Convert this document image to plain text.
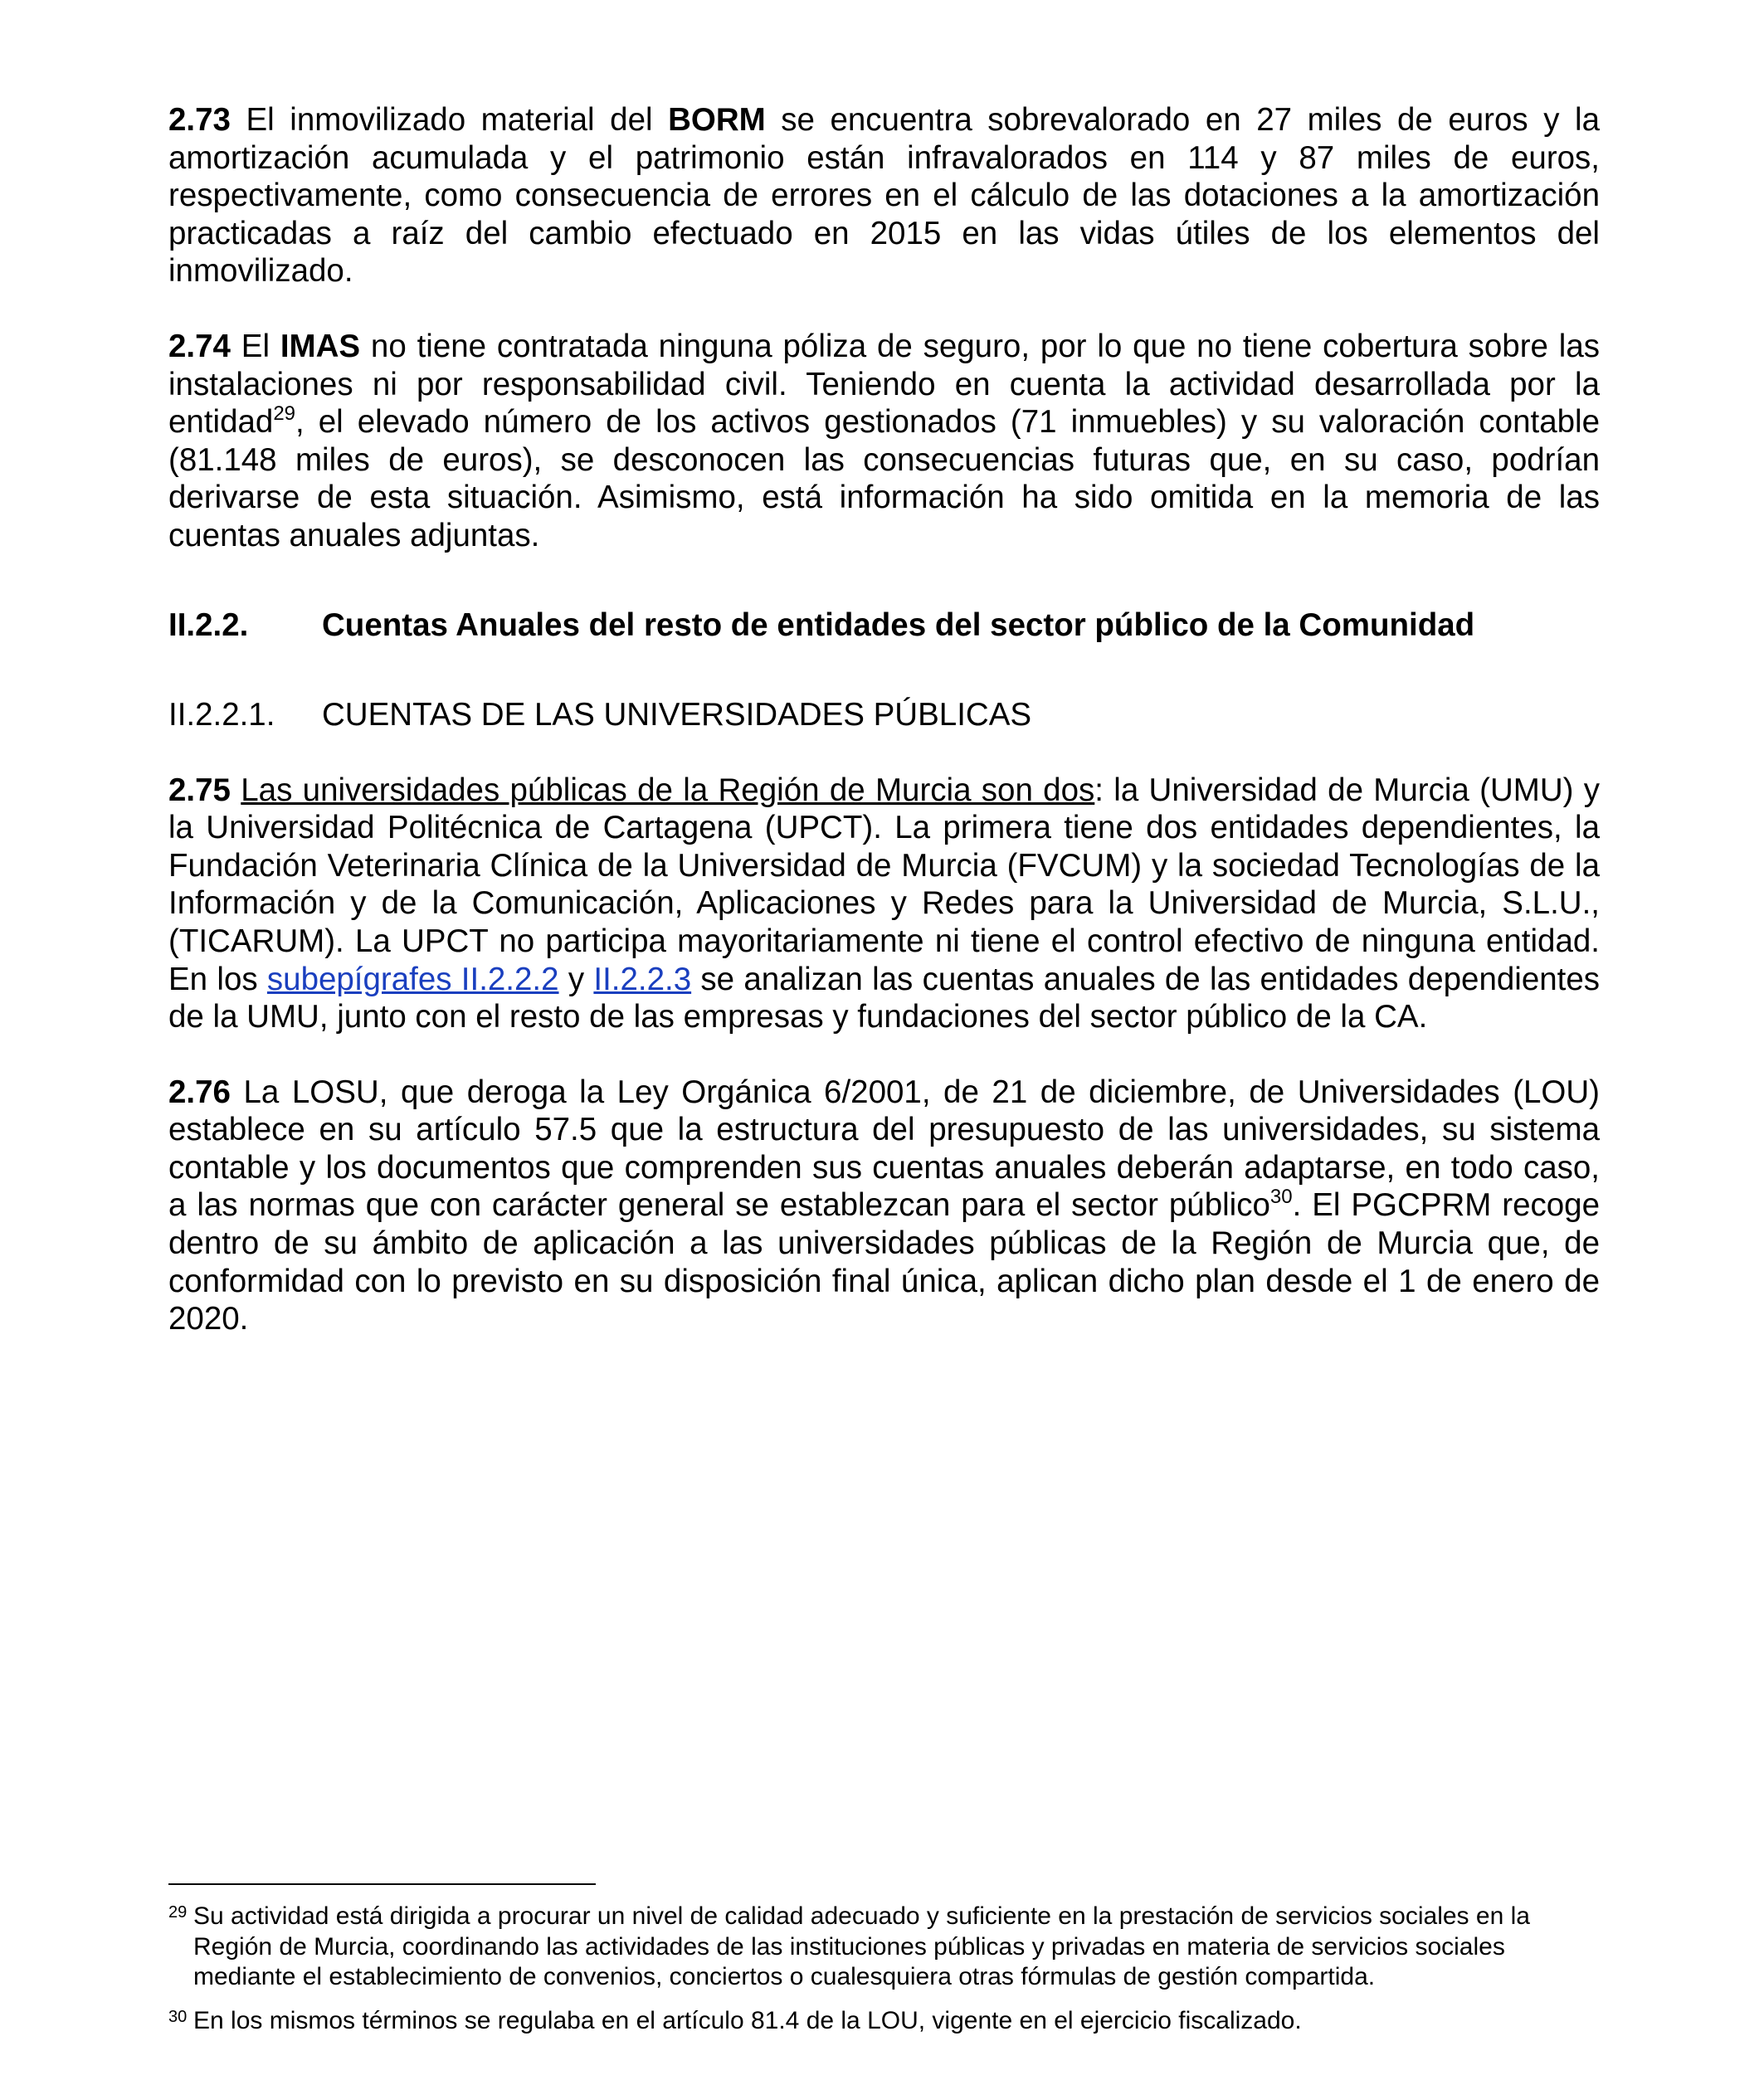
2.73 El inmovilizado material del BORM se encuentra sobrevalorado en 27 miles de euros y la amortización acumulada y el patrimonio están infravalorados en 114 y 87 miles de euros, respectivamente, como consecuencia de errores en el cálculo de las dotaciones a la amortización practicadas a raíz del cambio efectuado en 2015 en las vidas útiles de los elementos del inmovilizado.

2.74 El IMAS no tiene contratada ninguna póliza de seguro, por lo que no tiene cobertura sobre las instalaciones ni por responsabilidad civil. Teniendo en cuenta la actividad desarrollada por la entidad$^{29}$, el elevado número de los activos gestionados (71 inmuebles) y su valoración contable (81.148 miles de euros), se desconocen las consecuencias futuras que, en su caso, podrían derivarse de esta situación. Asimismo, está información ha sido omitida en la memoria de las cuentas anuales adjuntas.

II.2.2.	Cuentas Anuales del resto de entidades del sector público de la Comunidad
II.2.2.1.	CUENTAS DE LAS UNIVERSIDADES PÚBLICAS

2.75 Las universidades públicas de la Región de Murcia son dos: la Universidad de Murcia (UMU) y la Universidad Politécnica de Cartagena (UPCT). La primera tiene dos entidades dependientes, la Fundación Veterinaria Clínica de la Universidad de Murcia (FVCUM) y la sociedad Tecnologías de la Información y de la Comunicación, Aplicaciones y Redes para la Universidad de Murcia, S.L.U., (TICARUM). La UPCT no participa mayoritariamente ni tiene el control efectivo de ninguna entidad. En los subepígrafes II.2.2.2 y II.2.2.3 se analizan las cuentas anuales de las entidades dependientes de la UMU, junto con el resto de las empresas y fundaciones del sector público de la CA.

2.76 La LOSU, que deroga la Ley Orgánica 6/2001, de 21 de diciembre, de Universidades (LOU) establece en su artículo 57.5 que la estructura del presupuesto de las universidades, su sistema contable y los documentos que comprenden sus cuentas anuales deberán adaptarse, en todo caso, a las normas que con carácter general se establezcan para el sector público$^{30}$. El PGCPRM recoge dentro de su ámbito de aplicación a las universidades públicas de la Región de Murcia que, de conformidad con lo previsto en su disposición final única, aplican dicho plan desde el 1 de enero de 2020.

29 Su actividad está dirigida a procurar un nivel de calidad adecuado y suficiente en la prestación de servicios sociales en la Región de Murcia, coordinando las actividades de las instituciones públicas y privadas en materia de servicios sociales mediante el establecimiento de convenios, conciertos o cualesquiera otras fórmulas de gestión compartida.
30 En los mismos términos se regulaba en el artículo 81.4 de la LOU, vigente en el ejercicio fiscalizado.
